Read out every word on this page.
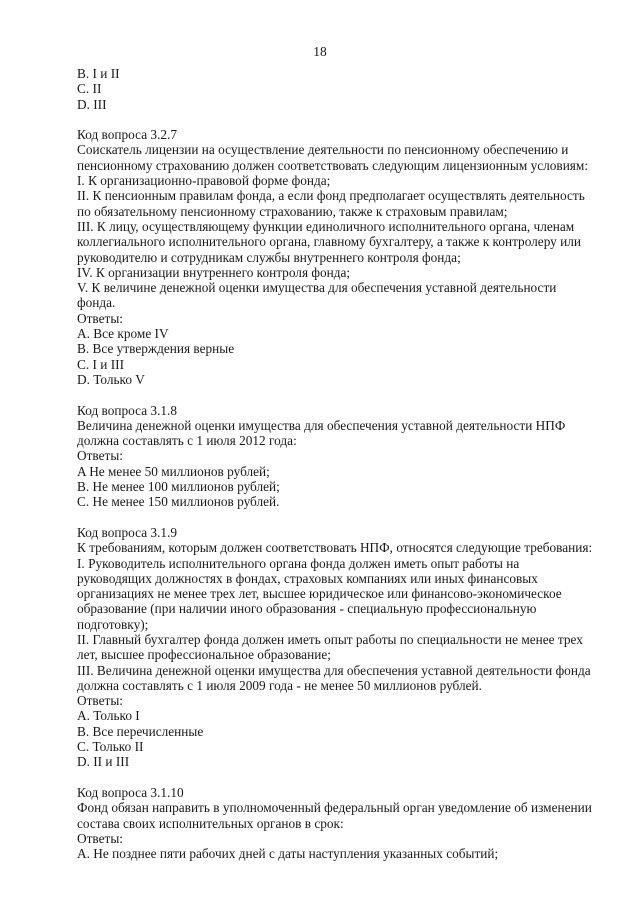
18
B. I и II
C. II
D. III
Код вопроса 3.2.7
Соискатель лицензии на осуществление деятельности по пенсионному обеспечению и
пенсионному страхованию должен соответствовать следующим лицензионным условиям:
I. К организационно-правовой форме фонда;
II. К пенсионным правилам фонда, а если фонд предполагает осуществлять деятельность
по обязательному пенсионному страхованию, также к страховым правилам;
III. К лицу, осуществляющему функции единоличного исполнительного органа, членам
коллегиального исполнительного органа, главному бухгалтеру, а также к контролеру или
руководителю и сотрудникам службы внутреннего контроля фонда;
IV. К организации внутреннего контроля фонда;
V. К величине денежной оценки имущества для обеспечения уставной деятельности
фонда.
Ответы:
A. Все кроме IV
B. Все утверждения верные
C. I и III
D. Только V
Код вопроса 3.1.8
Величина денежной оценки имущества для обеспечения уставной деятельности НПФ
должна составлять с 1 июля 2012 года:
Ответы:
A Не менее 50 миллионов рублей;
B. Не менее 100 миллионов рублей;
C. Не менее 150 миллионов рублей.
Код вопроса 3.1.9
К требованиям, которым должен соответствовать НПФ, относятся следующие требования:
I. Руководитель исполнительного органа фонда должен иметь опыт работы на
руководящих должностях в фондах, страховых компаниях или иных финансовых
организациях не менее трех лет, высшее юридическое или финансово-экономическое
образование (при наличии иного образования - специальную профессиональную
подготовку);
II. Главный бухгалтер фонда должен иметь опыт работы по специальности не менее трех
лет, высшее профессиональное образование;
III. Величина денежной оценки имущества для обеспечения уставной деятельности фонда
должна составлять с 1 июля 2009 года - не менее 50 миллионов рублей.
Ответы:
A. Только I
B. Все перечисленные
C. Только II
D. II и III
Код вопроса 3.1.10
Фонд обязан направить в уполномоченный федеральный орган уведомление об изменении
состава своих исполнительных органов в срок:
Ответы:
A. Не позднее пяти рабочих дней с даты наступления указанных событий;
